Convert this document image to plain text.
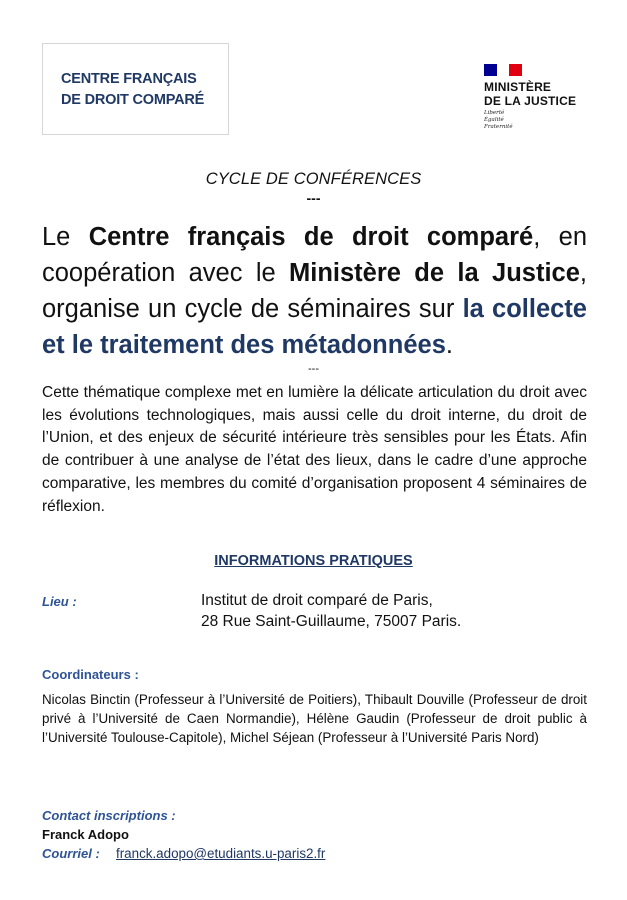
CENTRE FRANÇAIS
DE DROIT COMPARÉ
MINISTÈRE
DE LA JUSTICE
Liberté
Égalité
Fraternité
CYCLE DE CONFÉRENCES
---
Le Centre français de droit comparé, en coopération avec le Ministère de la Justice, organise un cycle de séminaires sur la collecte et le traitement des métadonnées.
---
Cette thématique complexe met en lumière la délicate articulation du droit avec les évolutions technologiques, mais aussi celle du droit interne, du droit de l’Union, et des enjeux de sécurité intérieure très sensibles pour les États. Afin de contribuer à une analyse de l’état des lieux, dans le cadre d’une approche comparative, les membres du comité d’organisation proposent 4 séminaires de réflexion.
INFORMATIONS PRATIQUES
Lieu :	Institut de droit comparé de Paris,
28 Rue Saint-Guillaume, 75007 Paris.
Coordinateurs :
Nicolas Binctin (Professeur à l’Université de Poitiers), Thibault Douville (Professeur de droit privé à l’Université de Caen Normandie), Hélène Gaudin (Professeur de droit public à l’Université Toulouse-Capitole), Michel Séjean (Professeur à l’Université Paris Nord)
Contact inscriptions :
Franck Adopo
Courriel : franck.adopo@etudiants.u-paris2.fr
